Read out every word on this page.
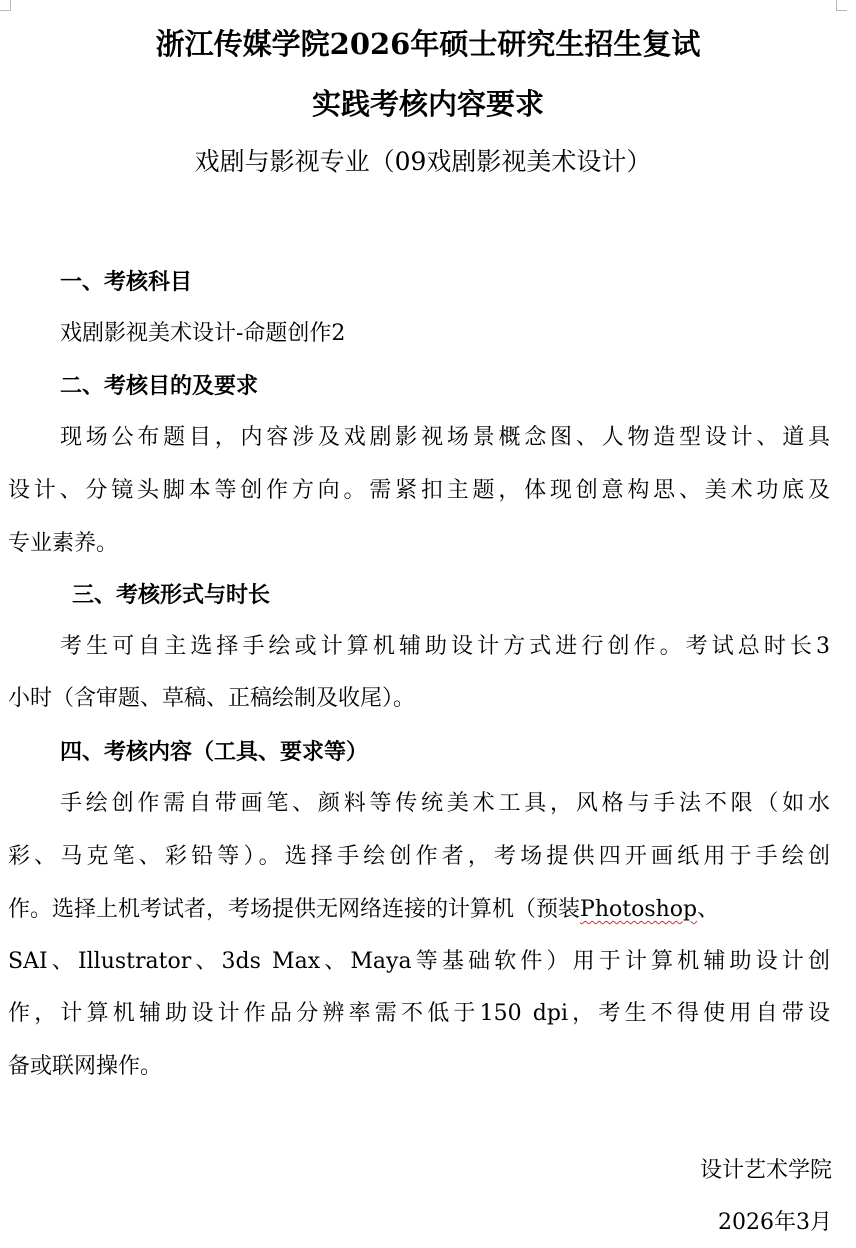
浙江传媒学院2026年硕士研究生招生复试
实践考核内容要求
戏剧与影视专业（09戏剧影视美术设计）
一、考核科目
戏剧影视美术设计-命题创作2
二、考核目的及要求
现场公布题目，内容涉及戏剧影视场景概念图、人物造型设计、道具
设计、分镜头脚本等创作方向。需紧扣主题，体现创意构思、美术功底及
专业素养。
三、考核形式与时长
考生可自主选择手绘或计算机辅助设计方式进行创作。考试总时长3
小时（含审题、草稿、正稿绘制及收尾）。
四、考核内容（工具、要求等）
手绘创作需自带画笔、颜料等传统美术工具，风格与手法不限（如水
彩、马克笔、彩铅等）。选择手绘创作者，考场提供四开画纸用于手绘创
作。选择上机考试者，考场提供无网络连接的计算机（预装Photoshop、
SAI、Illustrator、3ds Max、Maya等基础软件）用于计算机辅助设计创
作，计算机辅助设计作品分辨率需不低于150 dpi，考生不得使用自带设
备或联网操作。
设计艺术学院
2026年3月
